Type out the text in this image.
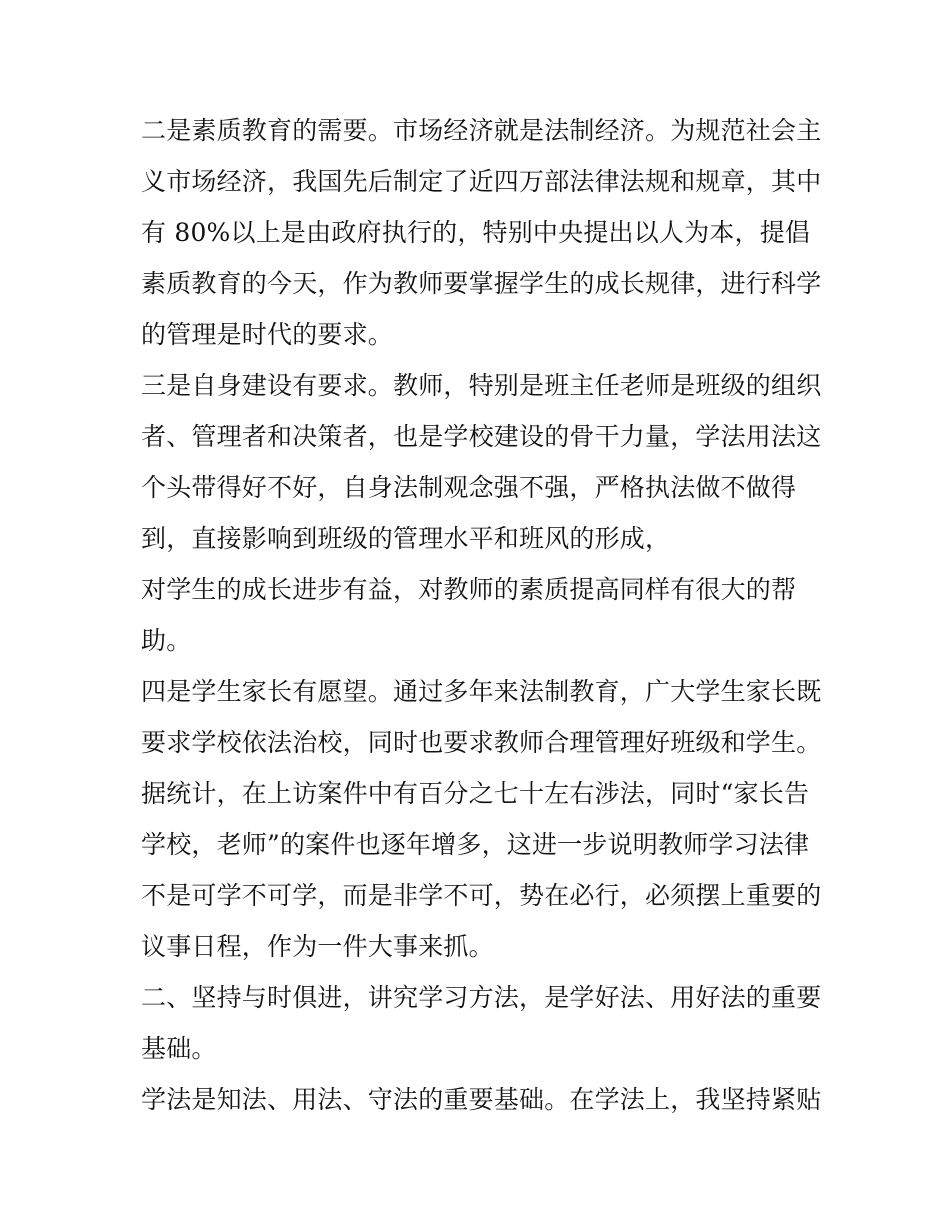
二是素质教育的需要。市场经济就是法制经济。为规范社会主
义市场经济，我国先后制定了近四万部法律法规和规章，其中
有 80%以上是由政府执行的，特别中央提出以人为本，提倡
素质教育的今天，作为教师要掌握学生的成长规律，进行科学
的管理是时代的要求。
三是自身建设有要求。教师，特别是班主任老师是班级的组织
者、管理者和决策者，也是学校建设的骨干力量，学法用法这
个头带得好不好，自身法制观念强不强，严格执法做不做得
到，直接影响到班级的管理水平和班风的形成，
对学生的成长进步有益，对教师的素质提高同样有很大的帮
助。
四是学生家长有愿望。通过多年来法制教育，广大学生家长既
要求学校依法治校，同时也要求教师合理管理好班级和学生。
据统计，在上访案件中有百分之七十左右涉法，同时“家长告
学校，老师”的案件也逐年增多，这进一步说明教师学习法律
不是可学不可学，而是非学不可，势在必行，必须摆上重要的
议事日程，作为一件大事来抓。
二、坚持与时俱进，讲究学习方法，是学好法、用好法的重要
基础。
学法是知法、用法、守法的重要基础。在学法上，我坚持紧贴
